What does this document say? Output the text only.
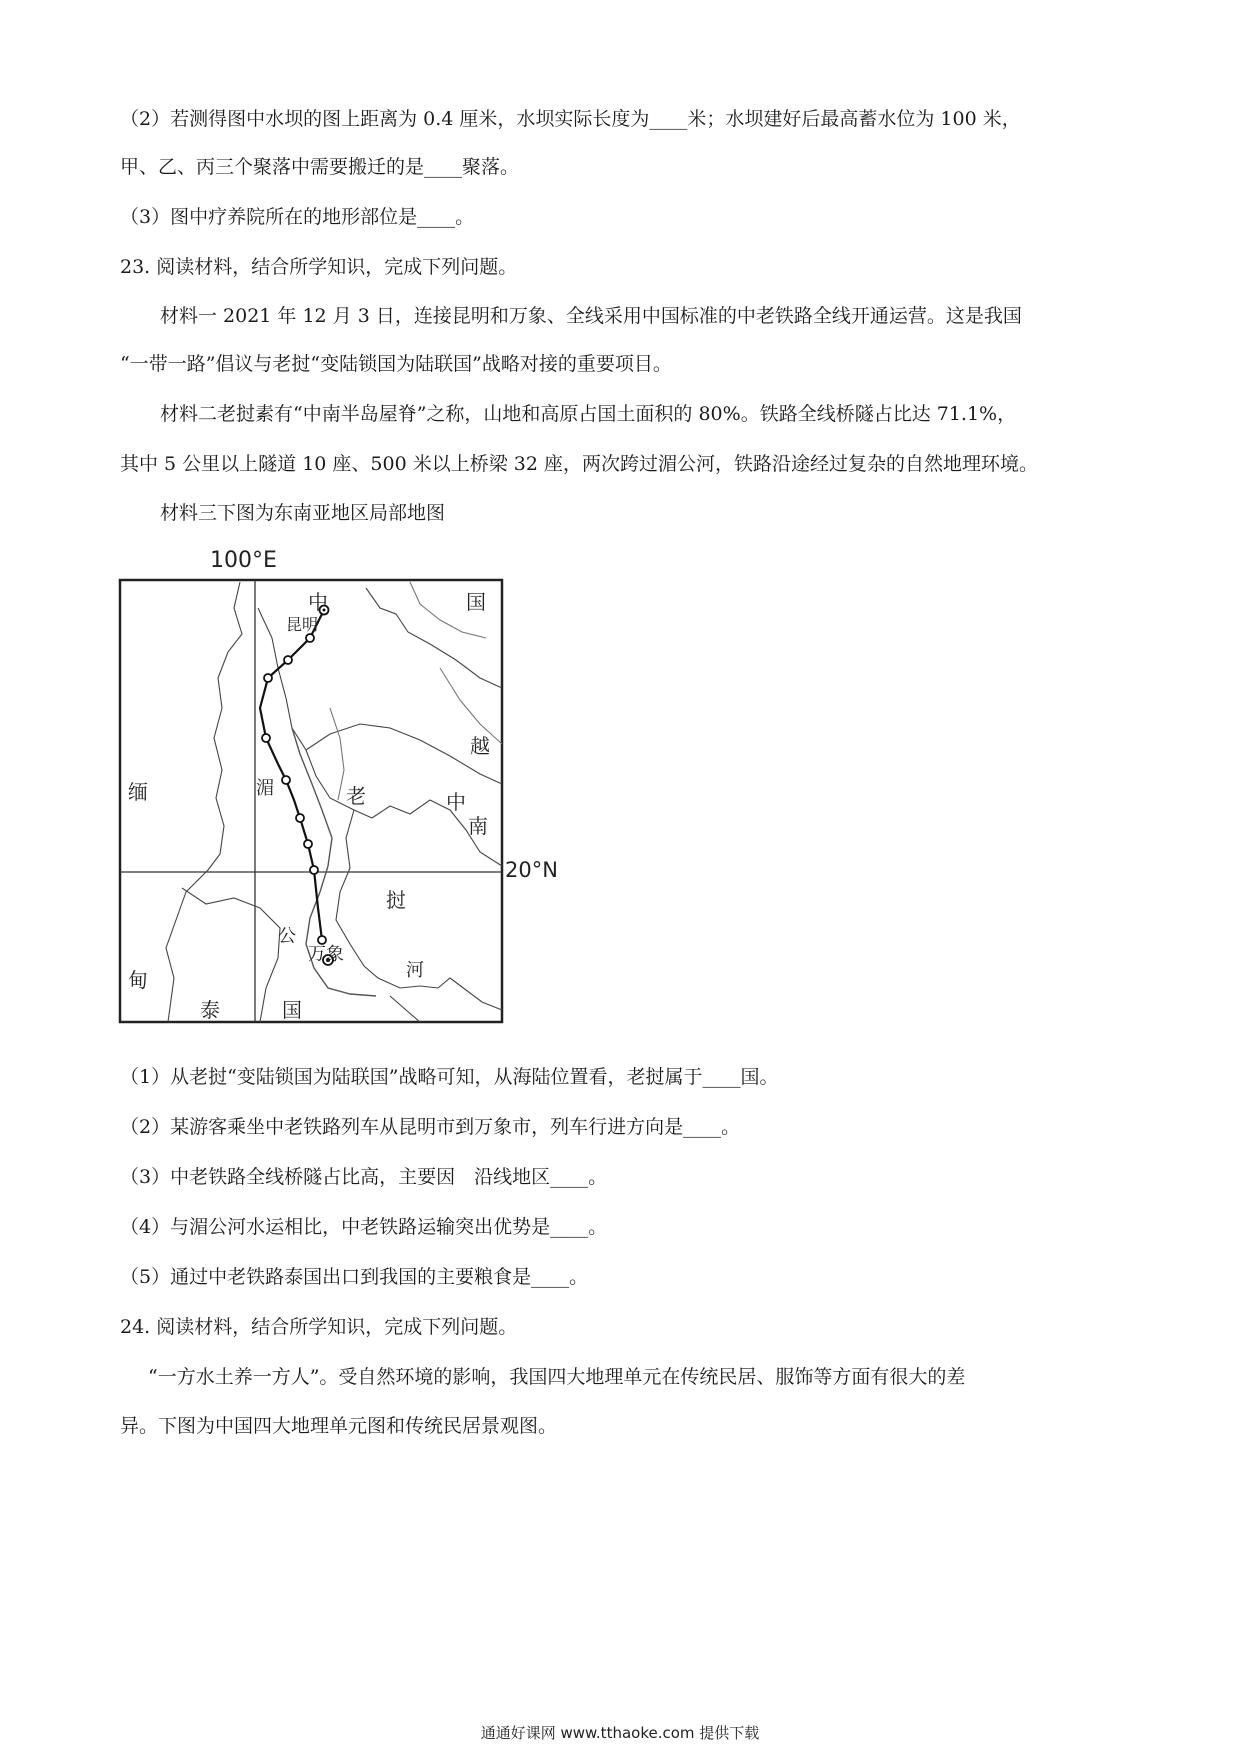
（2）若测得图中水坝的图上距离为 0.4 厘米，水坝实际长度为____米；水坝建好后最高蓄水位为 100 米，
甲、乙、丙三个聚落中需要搬迁的是____聚落。
（3）图中疗养院所在的地形部位是____。
23. 阅读材料，结合所学知识，完成下列问题。
材料一 2021 年 12 月 3 日，连接昆明和万象、全线采用中国标准的中老铁路全线开通运营。这是我国
“一带一路”倡议与老挝“变陆锁国为陆联国”战略对接的重要项目。
材料二老挝素有“中南半岛屋脊”之称，山地和高原占国土面积的 80%。铁路全线桥隧占比达 71.1%，
其中 5 公里以上隧道 10 座、500 米以上桥梁 32 座，两次跨过湄公河，铁路沿途经过复杂的自然地理环境。
材料三下图为东南亚地区局部地图
100°E
中
中	国
昆明
越
南
缅
甸
湄
公
河
老
挝
万象
泰	国
20°N
（1）从老挝“变陆锁国为陆联国”战略可知，从海陆位置看，老挝属于____国。
（2）某游客乘坐中老铁路列车从昆明市到万象市，列车行进方向是____。
（3）中老铁路全线桥隧占比高，主要因　沿线地区____。
（4）与湄公河水运相比，中老铁路运输突出优势是____。
（5）通过中老铁路泰国出口到我国的主要粮食是____。
24. 阅读材料，结合所学知识，完成下列问题。
“一方水土养一方人”。受自然环境的影响，我国四大地理单元在传统民居、服饰等方面有很大的差
异。下图为中国四大地理单元图和传统民居景观图。
通通好课网 www.tthaoke.com 提供下载
